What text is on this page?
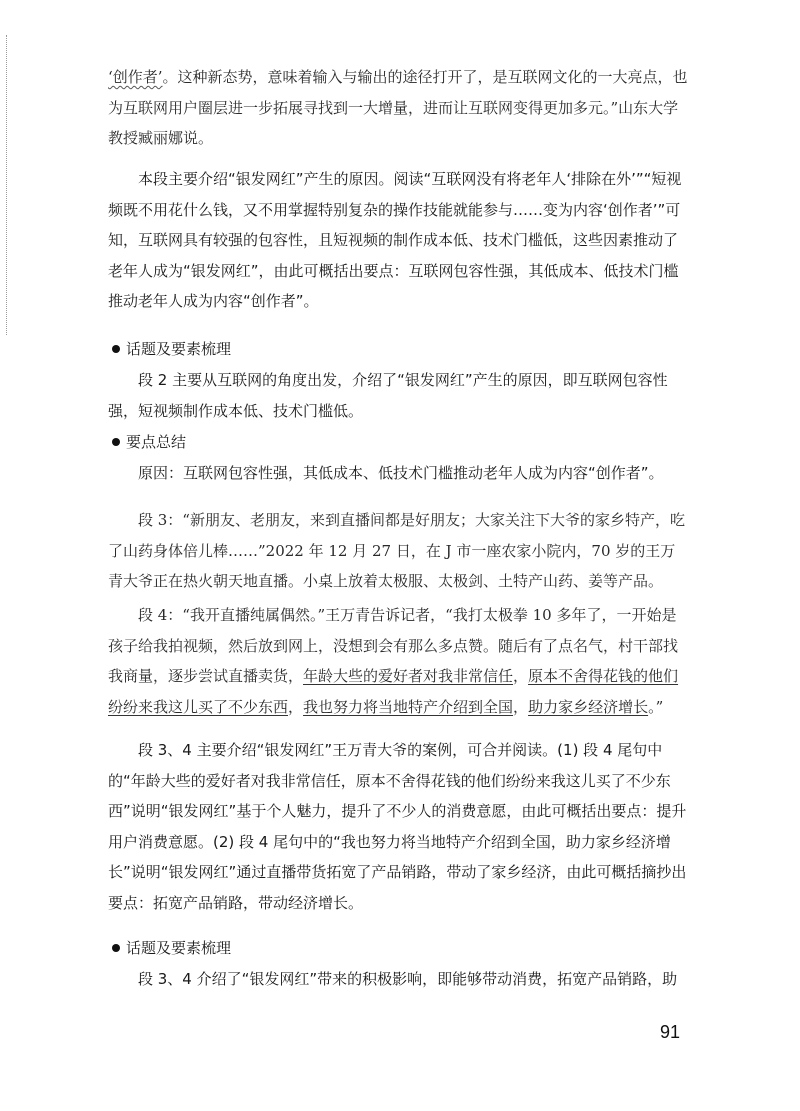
‘创作者’。这种新态势，意味着输入与输出的途径打开了，是互联网文化的一大亮点，也为互联网用户圈层进一步拓展寻找到一大增量，进而让互联网变得更加多元。”山东大学教授臧丽娜说。

本段主要介绍“银发网红”产生的原因。阅读“互联网没有将老年人‘排除在外’”“短视频既不用花什么钱，又不用掌握特别复杂的操作技能就能参与……变为内容‘创作者’”可知，互联网具有较强的包容性，且短视频的制作成本低、技术门槛低，这些因素推动了老年人成为“银发网红”，由此可概括出要点：互联网包容性强，其低成本、低技术门槛推动老年人成为内容“创作者”。

话题及要素梳理

段 2 主要从互联网的角度出发，介绍了“银发网红”产生的原因，即互联网包容性强，短视频制作成本低、技术门槛低。

要点总结

原因：互联网包容性强，其低成本、低技术门槛推动老年人成为内容“创作者”。

段 3：“新朋友、老朋友，来到直播间都是好朋友；大家关注下大爷的家乡特产，吃了山药身体倍儿棒……”2022 年 12 月 27 日，在 J 市一座农家小院内，70 岁的王万青大爷正在热火朝天地直播。小桌上放着太极服、太极剑、土特产山药、姜等产品。

段 4：“我开直播纯属偶然。”王万青告诉记者，“我打太极拳 10 多年了，一开始是孩子给我拍视频，然后放到网上，没想到会有那么多点赞。随后有了点名气，村干部找我商量，逐步尝试直播卖货，年龄大些的爱好者对我非常信任，原本不舍得花钱的他们纷纷来我这儿买了不少东西，我也努力将当地特产介绍到全国，助力家乡经济增长。”

段 3、4 主要介绍“银发网红”王万青大爷的案例，可合并阅读。(1) 段 4 尾句中的“年龄大些的爱好者对我非常信任，原本不舍得花钱的他们纷纷来我这儿买了不少东西”说明“银发网红”基于个人魅力，提升了不少人的消费意愿，由此可概括出要点：提升用户消费意愿。(2) 段 4 尾句中的“我也努力将当地特产介绍到全国，助力家乡经济增长”说明“银发网红”通过直播带货拓宽了产品销路，带动了家乡经济，由此可概括摘抄出要点：拓宽产品销路，带动经济增长。

话题及要素梳理

段 3、4 介绍了“银发网红”带来的积极影响，即能够带动消费，拓宽产品销路，助

91
